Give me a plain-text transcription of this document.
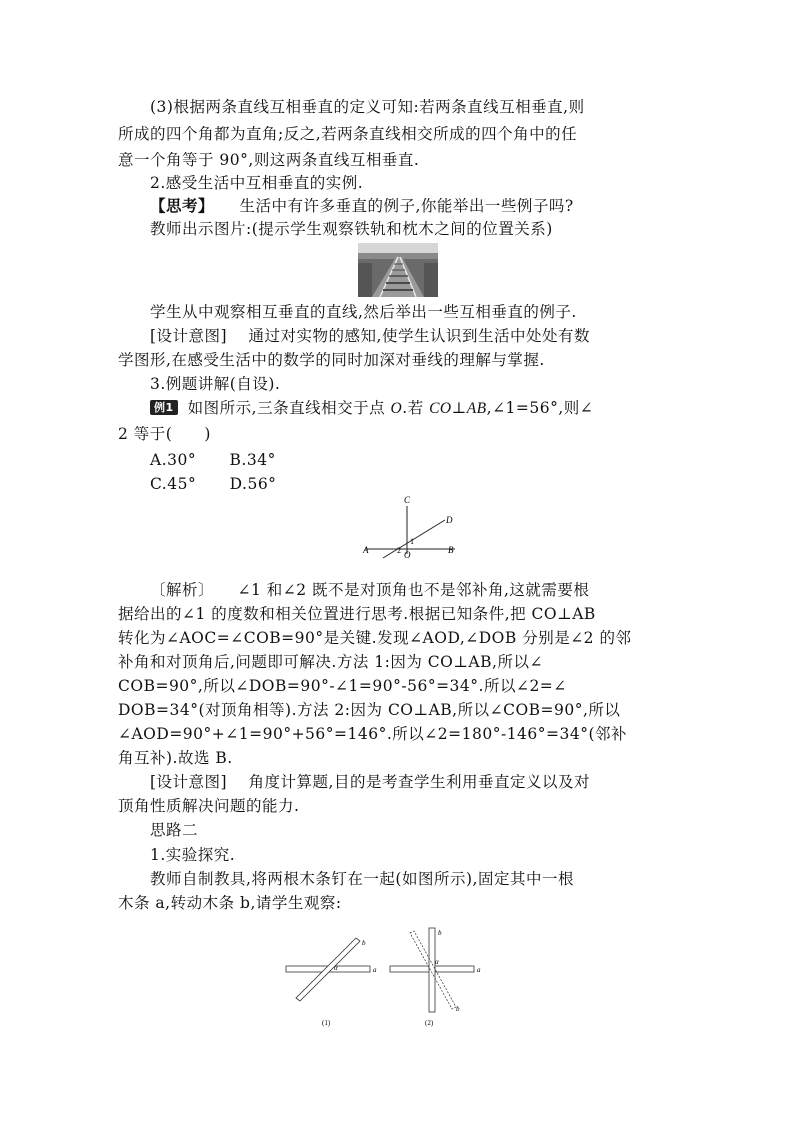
(3)根据两条直线互相垂直的定义可知:若两条直线互相垂直,则
所成的四个角都为直角;反之,若两条直线相交所成的四个角中的任
意一个角等于 90°,则这两条直线互相垂直.
2.感受生活中互相垂直的实例.
【思考】 生活中有许多垂直的例子,你能举出一些例子吗?
教师出示图片:(提示学生观察铁轨和枕木之间的位置关系)
学生从中观察相互垂直的直线,然后举出一些互相垂直的例子.
[设计意图] 通过对实物的感知,使学生认识到生活中处处有数
学图形,在感受生活中的数学的同时加深对垂线的理解与掌握.
3.例题讲解(自设).
例1 如图所示,三条直线相交于点 O.若 CO⊥AB,∠1=56°,则∠
2 等于(　　)
A.30° B.34°
C.45° D.56°
C
D
A	B
O
1
2
〔解析〕 ∠1 和∠2 既不是对顶角也不是邻补角,这就需要根
据给出的∠1 的度数和相关位置进行思考.根据已知条件,把 CO⊥AB
转化为∠AOC=∠COB=90°是关键.发现∠AOD,∠DOB 分别是∠2 的邻
补角和对顶角后,问题即可解决.方法 1:因为 CO⊥AB,所以∠
COB=90°,所以∠DOB=90°-∠1=90°-56°=34°.所以∠2=∠
DOB=34°(对顶角相等).方法 2:因为 CO⊥AB,所以∠COB=90°,所以
∠AOD=90°+∠1=90°+56°=146°.所以∠2=180°-146°=34°(邻补
角互补).故选 B.
[设计意图] 角度计算题,目的是考查学生利用垂直定义以及对
顶角性质解决问题的能力.
思路二
1.实验探究.
教师自制教具,将两根木条钉在一起(如图所示),固定其中一根
木条 a,转动木条 b,请学生观察:
a
b
α
(1)
a
b
b
α
(2)
